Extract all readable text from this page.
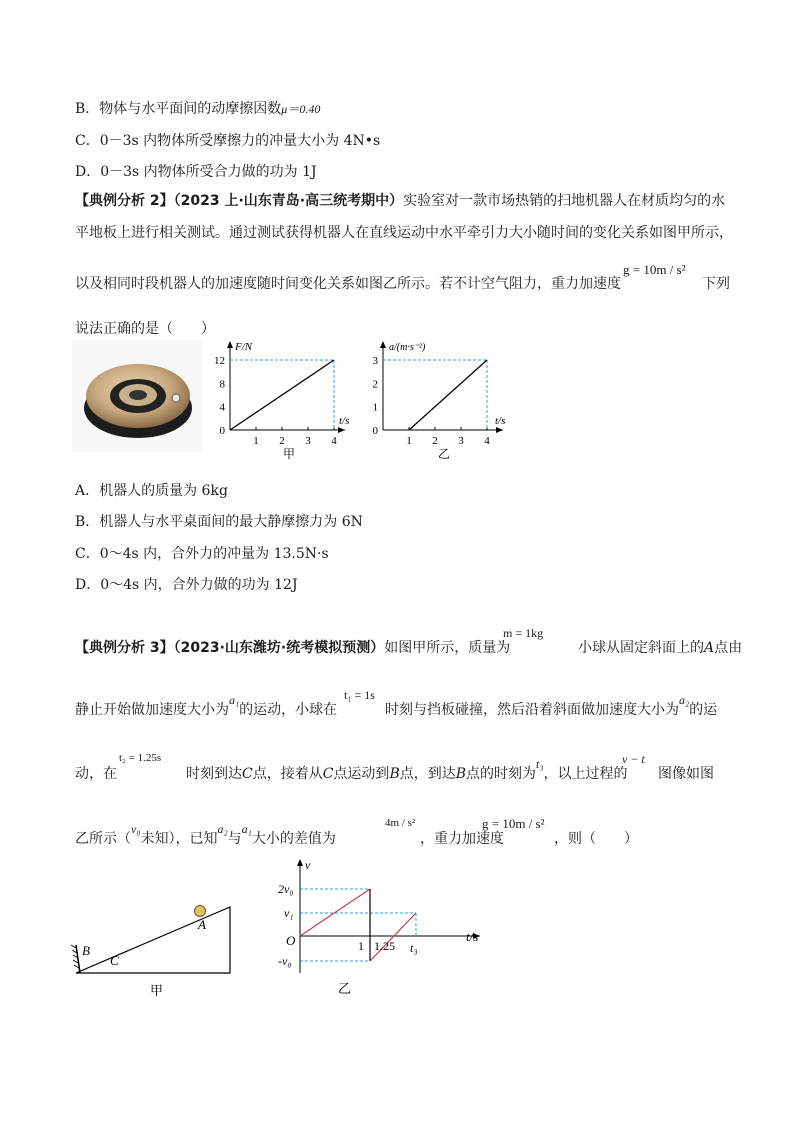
B．物体与水平面间的动摩擦因数μ＝0.40
C．0－3s 内物体所受摩擦力的冲量大小为 4N•s
D．0－3s 内物体所受合力做的功为 1J
【典例分析 2】（2023 上·山东青岛·高三统考期中）实验室对一款市场热销的扫地机器人在材质均匀的水
平地板上进行相关测试。通过测试获得机器人在直线运动中水平牵引力大小随时间的变化关系如图甲所示，
以及相同时段机器人的加速度随时间变化关系如图乙所示。若不计空气阻力，重力加速度
g = 10m / s²
下列
说法正确的是（　　）
F/N
t/s
12
8
4
0
1 2 3 4
甲
a/(m·s⁻²)
t/s
3
2
1
0
1 2 3 4
乙
A．机器人的质量为 6kg
B．机器人与水平桌面间的最大静摩擦力为 6N
C．0～4s 内，合外力的冲量为 13.5N·s
D．0～4s 内，合外力做的功为 12J
【典例分析 3】（2023·山东潍坊·统考模拟预测）如图甲所示，质量为
m = 1kg
小球从固定斜面上的A点由
静止开始做加速度大小为a₁的运动，小球在
t₁ = 1s
时刻与挡板碰撞，然后沿着斜面做加速度大小为a₂的运
动，在
t₂ = 1.25s
时刻到达C点，接着从C点运动到B点，到达B点的时刻为t₃，以上过程的
v − t
图像如图
乙所示（v₀未知），已知a₂与a₁大小的差值为
4m / s²
，重力加速度
g = 10m / s²
，则（　　）
A
B
C
甲
v
t/s
O
2v₀
v₁
-v₀
1 1.25 t₃
乙
